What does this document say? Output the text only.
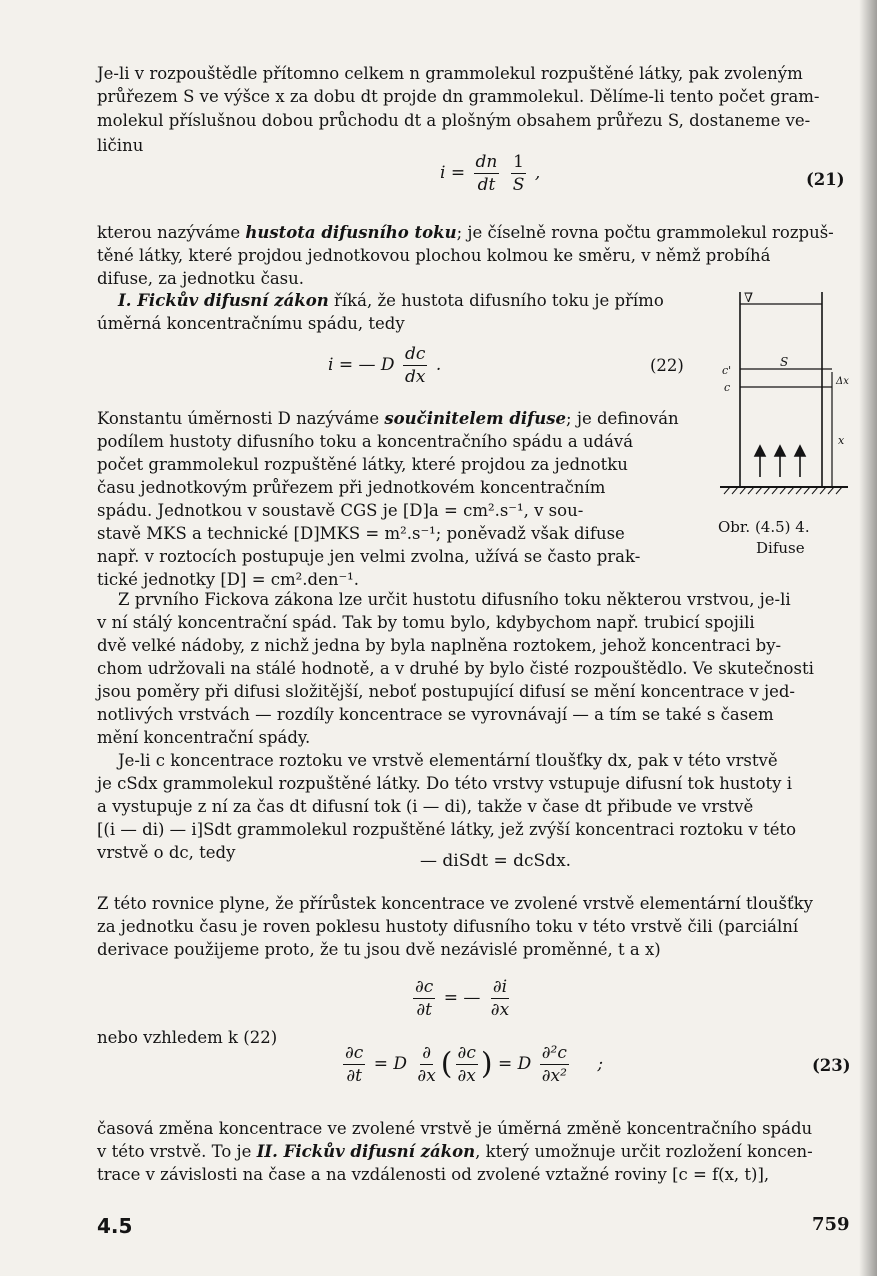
Je-li v rozpouštědle přítomno celkem n grammolekul rozpuštěné látky, pak zvoleným
průřezem S ve výšce x za dobu dt projde dn grammolekul. Dělíme-li tento počet gram-
molekul příslušnou dobou průchodu dt a plošným obsahem průřezu S, dostaneme ve-
ličinu
$i = \frac{dn}{dt}$
$\frac{1}{S}$ ,	(21)
kterou nazýváme hustota difusního toku; je číselně rovna počtu grammolekul rozpuš-
těné látky, které projdou jednotkovou plochou kolmou ke směru, v němž probíhá
difuse, za jednotku času.
I. Fickův difusní zákon říká, že hustota difusního toku je přímo
úměrná koncentračnímu spádu, tedy
i = — D $\frac{dc}{dx}$ .	(22)
Konstantu úměrnosti D nazýváme součinitelem difuse; je definován
podílem hustoty difusního toku a koncentračního spádu a udává
počet grammolekul rozpuštěné látky, které projdou za jednotku
času jednotkovým průřezem při jednotkovém koncentračním
spádu. Jednotkou v soustavě CGS je [D]a = cm².s⁻¹, v sou-
stavě MKS a technické [D]MKS = m².s⁻¹; poněvadž však difuse
např. v roztocích postupuje jen velmi zvolna, užívá se často prak-
tické jednotky [D] = cm².den⁻¹.
∇
c'
c
S
Δx
x
Obr. (4.5) 4.
Difuse
Z prvního Fickova zákona lze určit hustotu difusního toku některou vrstvou, je-li
v ní stálý koncentrační spád. Tak by tomu bylo, kdybychom např. trubicí spojili
dvě velké nádoby, z nichž jedna by byla naplněna roztokem, jehož koncentraci by-
chom udržovali na stálé hodnotě, a v druhé by bylo čisté rozpouštědlo. Ve skutečnosti
jsou poměry při difusi složitější, neboť postupující difusí se mění koncentrace v jed-
notlivých vrstvách — rozdíly koncentrace se vyrovnávají — a tím se také s časem
mění koncentrační spády.
Je-li c koncentrace roztoku ve vrstvě elementární tloušťky dx, pak v této vrstvě
je cSdx grammolekul rozpuštěné látky. Do této vrstvy vstupuje difusní tok hustoty i
a vystupuje z ní za čas dt difusní tok (i — di), takže v čase dt přibude ve vrstvě
[(i — di) — i]Sdt grammolekul rozpuštěné látky, jež zvýší koncentraci roztoku v této
vrstvě o dc, tedy	— diSdt = dcSdx.
Z této rovnice plyne, že přírůstek koncentrace ve zvolené vrstvě elementární tloušťky
za jednotku času je roven poklesu hustoty difusního toku v této vrstvě čili (parciální
derivace použijeme proto, že tu jsou dvě nezávislé proměnné, t a x)
$\frac{\partial c}{\partial t}$ = — $\frac{\partial i}{\partial x}$
nebo vzhledem k (22)
$\frac{\partial c}{\partial t} = D \frac{\partial}{\partial x}$ ( $\frac{\partial c}{\partial x}$ ) = D $\frac{\text{∂²c}}{\text{∂x²}}$ ;	(23)
časová změna koncentrace ve zvolené vrstvě je úměrná změně koncentračního spádu
v této vrstvě. To je II. Fickův difusní zákon, který umožnuje určit rozložení koncen-
trace v závislosti na čase a na vzdálenosti od zvolené vztažné roviny [c = f(x, t)],
4.5	759
